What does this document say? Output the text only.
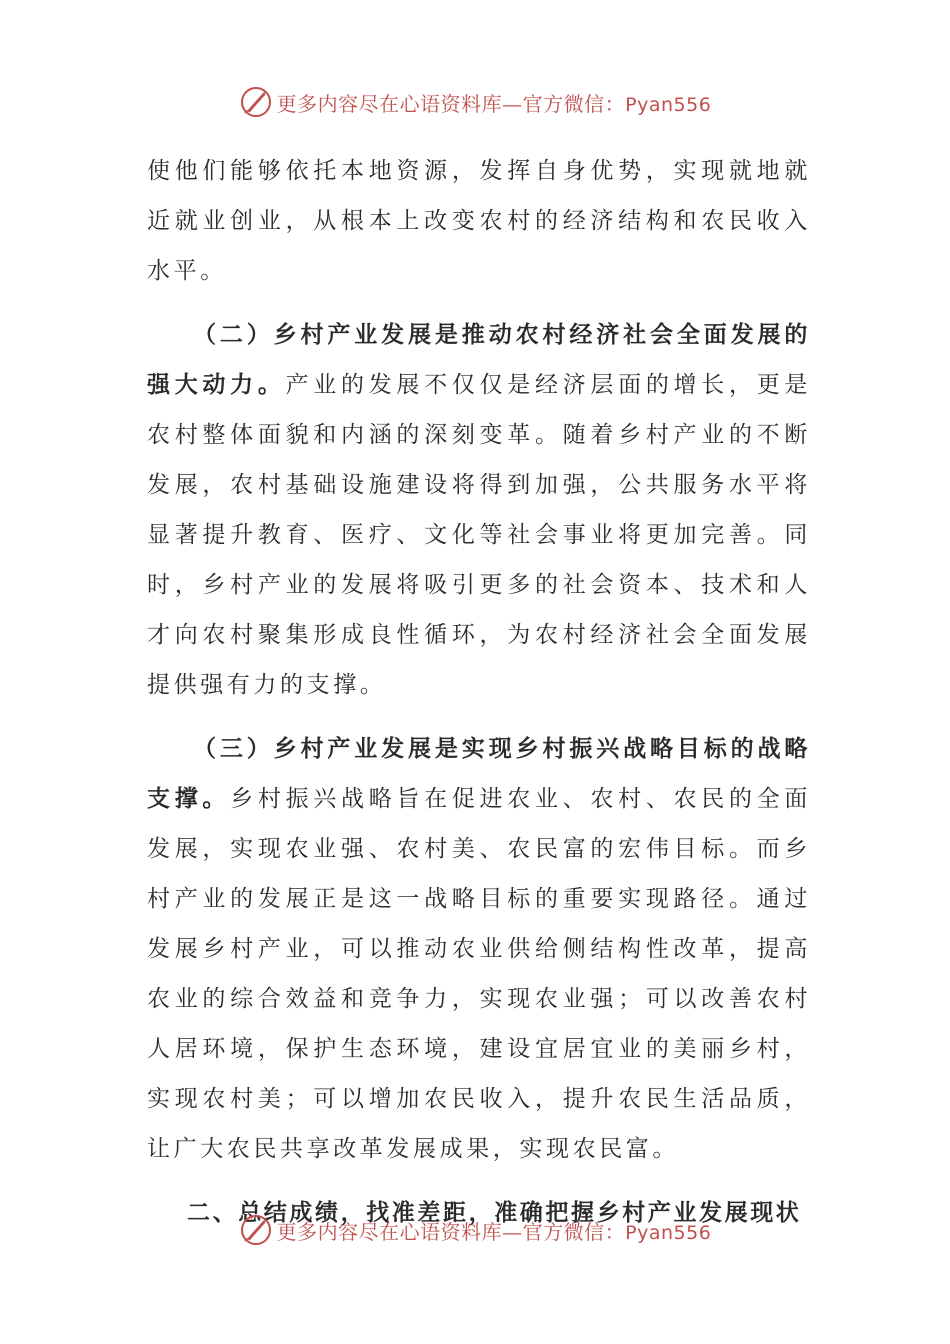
更多内容尽在心语资料库—官方微信：Pyan556

使他们能够依托本地资源，发挥自身优势，实现就地就近就业创业，从根本上改变农村的经济结构和农民收入水平。

（二）乡村产业发展是推动农村经济社会全面发展的强大动力。产业的发展不仅仅是经济层面的增长，更是农村整体面貌和内涵的深刻变革。随着乡村产业的不断发展，农村基础设施建设将得到加强，公共服务水平将显著提升教育、医疗、文化等社会事业将更加完善。同时，乡村产业的发展将吸引更多的社会资本、技术和人才向农村聚集形成良性循环，为农村经济社会全面发展提供强有力的支撑。

（三）乡村产业发展是实现乡村振兴战略目标的战略支撑。乡村振兴战略旨在促进农业、农村、农民的全面发展，实现农业强、农村美、农民富的宏伟目标。而乡村产业的发展正是这一战略目标的重要实现路径。通过发展乡村产业，可以推动农业供给侧结构性改革，提高农业的综合效益和竞争力，实现农业强；可以改善农村人居环境，保护生态环境，建设宜居宜业的美丽乡村，实现农村美；可以增加农民收入，提升农民生活品质，让广大农民共享改革发展成果，实现农民富。

二、总结成绩，找准差距，准确把握乡村产业发展现状

更多内容尽在心语资料库—官方微信：Pyan556
